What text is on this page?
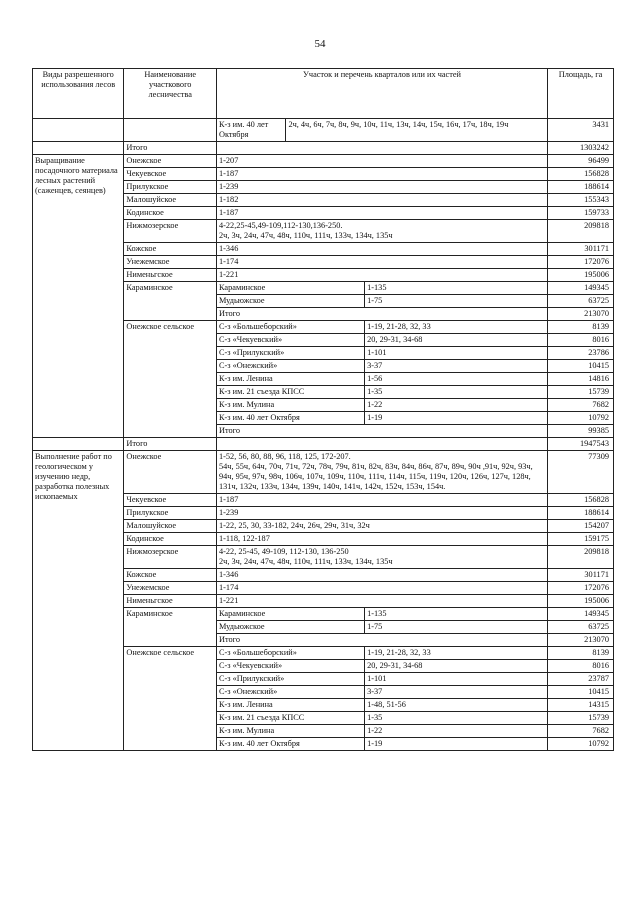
54
Виды разрешенного использования лесов	Наименование участкового лесничества	Участок и перечень кварталов или их частей			Площадь, га
		К-з им. 40 лет Октября	2ч, 4ч, 6ч, 7ч, 8ч, 9ч, 10ч, 11ч, 13ч, 14ч, 15ч, 16ч, 17ч, 18ч, 19ч		3431
	Итого				1303242
Выращивание посадочного материала лесных растений (саженцев, сеянцев)	Онежское	1-207			96499
	Чекуевское	1-187			156828
	Прилукское	1-239			188614
	Малошуйское	1-182			155343
	Кодинское	1-187			159733
	Нижмозерское	4-22,25-45,49-109,112-130,136-250.
2ч, 3ч, 24ч, 47ч, 48ч, 110ч, 111ч, 133ч, 134ч, 135ч			209818
	Кожское	1-346			301171
	Унежемское	1-174			172076
	Нименьгское	1-221			195006
	Караминское	Караминское		1-135	149345
		Мудьюжское		1-75	63725
		Итого			213070
	Онежское сельское	С-з «Большеборский»		1-19, 21-28, 32, 33	8139
		С-з «Чекуевский»		20, 29-31, 34-68	8016
		С-з «Прилукский»		1-101	23786
		С-з «Онежский»		3-37	10415
		К-з им. Ленина		1-56	14816
		К-з им. 21 съезда КПСС		1-35	15739
		К-з им. Мулина		1-22	7682
		К-з им. 40 лет Октября		1-19	10792
		Итого			99385
	Итого				1947543
Выполнение работ по геологическом у изучению недр, разработка полезных ископаемых	Онежское	1-52, 56, 80, 88, 96, 118, 125, 172-207.
54ч, 55ч, 64ч, 70ч, 71ч, 72ч, 78ч, 79ч, 81ч, 82ч, 83ч, 84ч, 86ч, 87ч, 89ч, 90ч ,91ч, 92ч, 93ч, 94ч, 95ч, 97ч, 98ч, 106ч, 107ч, 109ч, 110ч, 111ч, 114ч, 115ч, 119ч, 120ч, 126ч, 127ч, 128ч, 131ч, 132ч, 133ч, 134ч, 139ч, 140ч, 141ч, 142ч, 152ч, 153ч, 154ч.			77309
	Чекуевское	1-187			156828
	Прилукское	1-239			188614
	Малошуйское	1-22, 25, 30, 33-182, 24ч, 26ч, 29ч, 31ч, 32ч			154207
	Кодинское	1-118, 122-187			159175
	Нижмозерское	4-22, 25-45, 49-109, 112-130, 136-250
2ч, 3ч, 24ч, 47ч, 48ч, 110ч, 111ч, 133ч, 134ч, 135ч			209818
	Кожское	1-346			301171
	Унежемское	1-174			172076
	Нименьгское	1-221			195006
	Караминское	Караминское		1-135	149345
		Мудьюжское		1-75	63725
		Итого			213070
	Онежское сельское	С-з «Большеборский»		1-19, 21-28, 32, 33	8139
		С-з «Чекуевский»		20, 29-31, 34-68	8016
		С-з «Прилукский»		1-101	23787
		С-з «Онежский»		3-37	10415
		К-з им. Ленина		1-48, 51-56	14315
		К-з им. 21 съезда КПСС		1-35	15739
		К-з им. Мулина		1-22	7682
		К-з им. 40 лет Октября		1-19	10792
